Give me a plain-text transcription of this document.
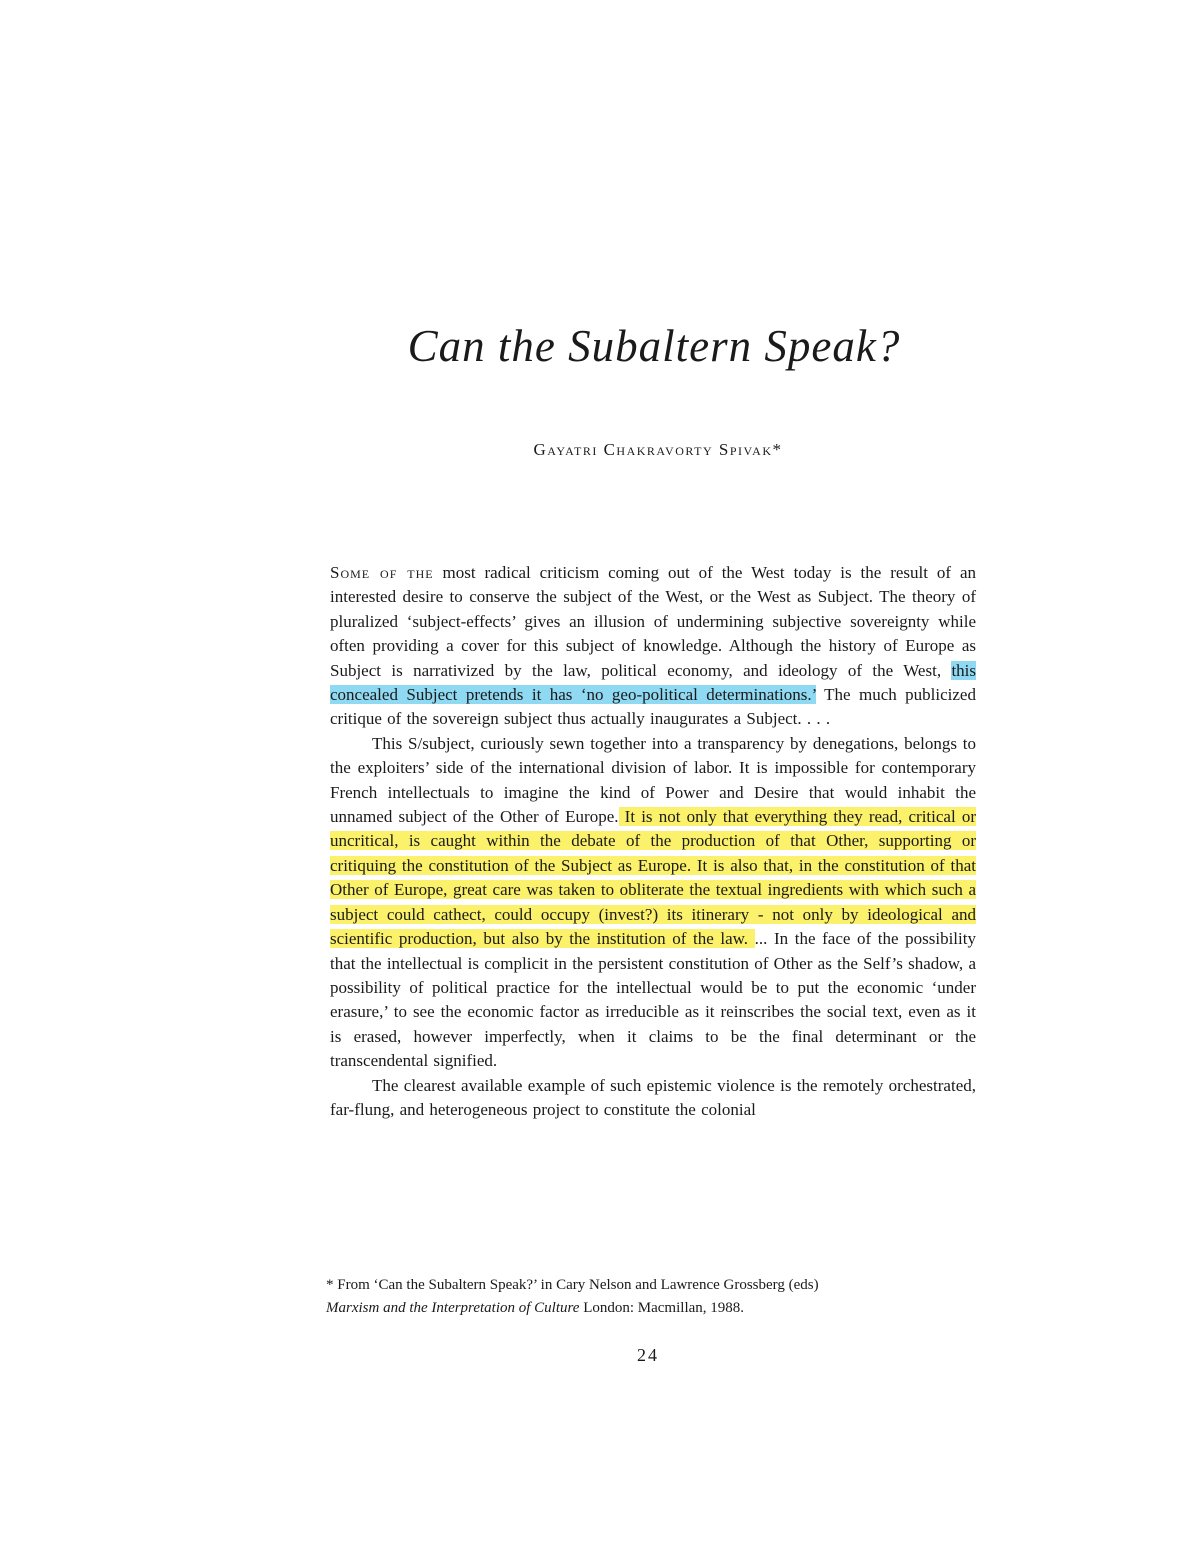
Can the Subaltern Speak?
Gayatri Chakravorty Spivak*

Some of the most radical criticism coming out of the West today is the result of an interested desire to conserve the subject of the West, or the West as Subject. The theory of pluralized ‘subject-effects’ gives an illusion of undermining subjective sovereignty while often providing a cover for this subject of knowledge. Although the history of Europe as Subject is narrativized by the law, political economy, and ideology of the West, this concealed Subject pretends it has ‘no geo-political determinations.’ The much publicized critique of the sovereign subject thus actually inaugurates a Subject. . . .

This S/subject, curiously sewn together into a transparency by denegations, belongs to the exploiters’ side of the international division of labor. It is impossible for contemporary French intellectuals to imagine the kind of Power and Desire that would inhabit the unnamed subject of the Other of Europe. It is not only that everything they read, critical or uncritical, is caught within the debate of the production of that Other, supporting or critiquing the constitution of the Subject as Europe. It is also that, in the constitution of that Other of Europe, great care was taken to obliterate the textual ingredients with which such a subject could cathect, could occupy (invest?) its itinerary - not only by ideological and scientific production, but also by the institution of the law. ... In the face of the possibility that the intellectual is complicit in the persistent constitution of Other as the Self’s shadow, a possibility of political practice for the intellectual would be to put the economic ‘under erasure,’ to see the economic factor as irreducible as it reinscribes the social text, even as it is erased, however imperfectly, when it claims to be the final determinant or the transcendental signified.

The clearest available example of such epistemic violence is the remotely orchestrated, far-flung, and heterogeneous project to constitute the colonial

* From ‘Can the Subaltern Speak?’ in Cary Nelson and Lawrence Grossberg (eds)
Marxism and the Interpretation of Culture London: Macmillan, 1988.
24
